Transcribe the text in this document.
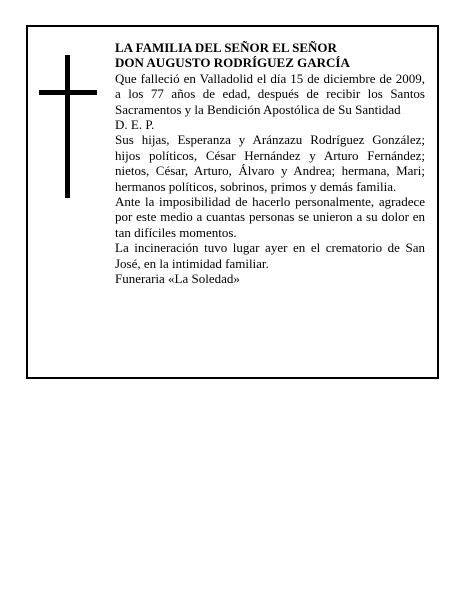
LA FAMILIA DEL SEÑOR EL SEÑOR

DON AUGUSTO RODRÍGUEZ GARCÍA

Que falleció en Valladolid el día 15 de diciembre de 2009, a los 77 años de edad, después de recibir los Santos Sacramentos y la Bendición Apostólica de Su Santidad

D. E. P.

Sus hijas, Esperanza y Aránzazu Rodríguez González; hijos políticos, César Hernández y Arturo Fernández; nietos, César, Arturo, Álvaro y Andrea; hermana, Mari; hermanos políticos, sobrinos, primos y demás familia.

Ante la imposibilidad de hacerlo personalmente, agradece por este medio a cuantas personas se unieron a su dolor en tan difíciles momentos.

La incineración tuvo lugar ayer en el crematorio de San José, en la intimidad familiar.

Funeraria «La Soledad»
